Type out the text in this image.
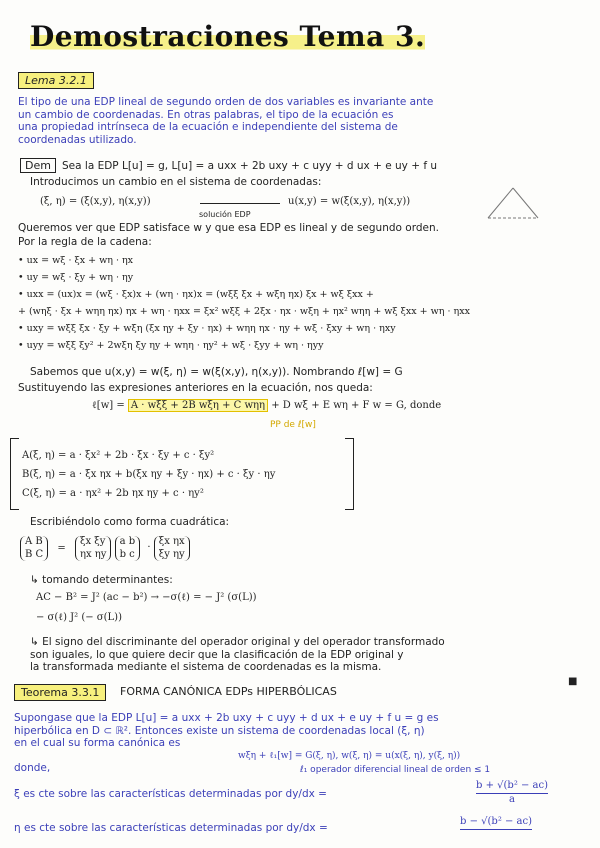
Demostraciones Tema 3.
Lema 3.2.1
El tipo de una EDP lineal de segundo orden de dos variables es invariante ante
un cambio de coordenadas. En otras palabras, el tipo de la ecuación es
una propiedad intrínseca de la ecuación e independiente del sistema de
coordenadas utilizado.
Dem	Sea la EDP L[u] = g, L[u] = a uxx + 2b uxy + c uyy + d ux + e uy + f u
Introducimos un cambio en el sistema de coordenadas:
(ξ, η) = (ξ(x,y), η(x,y))
solución EDP
u(x,y) = w(ξ(x,y), η(x,y))
Queremos ver que EDP satisface w y que esa EDP es lineal y de segundo orden.
Por la regla de la cadena:
• ux = wξ · ξx + wη · ηx
• uy = wξ · ξy + wη · ηy
• uxx = (ux)x = (wξ · ξx)x + (wη · ηx)x = (wξξ ξx + wξη ηx) ξx + wξ ξxx +
+ (wηξ · ξx + wηη ηx) ηx + wη · ηxx = ξx² wξξ + 2ξx · ηx · wξη + ηx² wηη + wξ ξxx + wη · ηxx
• uxy = wξξ ξx · ξy + wξη (ξx ηy + ξy · ηx) + wηη ηx · ηy + wξ · ξxy + wη · ηxy
• uyy = wξξ ξy² + 2wξη ξy ηy + wηη · ηy² + wξ · ξyy + wη · ηyy
Sabemos que u(x,y) = w(ξ, η) = w(ξ(x,y), η(x,y)). Nombrando ℓ[w] = G
Sustituyendo las expresiones anteriores en la ecuación, nos queda:
ℓ[w] = A · wξξ + 2B wξη + C wηη + D wξ + E wη + F w = G, donde
PP de ℓ[w]
A(ξ, η) = a · ξx² + 2b · ξx · ξy + c · ξy²
B(ξ, η) = a · ξx ηx + b(ξx ηy + ξy · ηx) + c · ξy · ηy
C(ξ, η) = a · ηx² + 2b ηx ηy + c · ηy²
Escribiéndolo como forma cuadrática:
A B
B C =
ξx ξy
ηx ηy

a b
b c
·
ξx ηx
ξy ηy
↳ tomando determinantes:
AC − B² = J² (ac − b²) → −σ(ℓ) = − J² (σ(L))
− σ(ℓ) J² (− σ(L))
↳ El signo del discriminante del operador original y del operador transformado
son iguales, lo que quiere decir que la clasificación de la EDP original y
la transformada mediante el sistema de coordenadas es la misma.
■
Teorema 3.3.1	FORMA CANÓNICA EDPs HIPERBÓLICAS
Supongase que la EDP L[u] = a uxx + 2b uxy + c uyy + d ux + e uy + f u = g es
hiperbólica en D ⊂ ℝ². Entonces existe un sistema de coordenadas local (ξ, η)
en el cual su forma canónica es
wξη + ℓ₁[w] = G(ξ, η), w(ξ, η) = u(x(ξ, η), y(ξ, η))
donde,	ℓ₁ operador diferencial lineal de orden ≤ 1
ξ es cte sobre las características determinadas por dy/dx =
b + √(b² − ac)
a
η es cte sobre las características determinadas por dy/dx =
b − √(b² − ac)
